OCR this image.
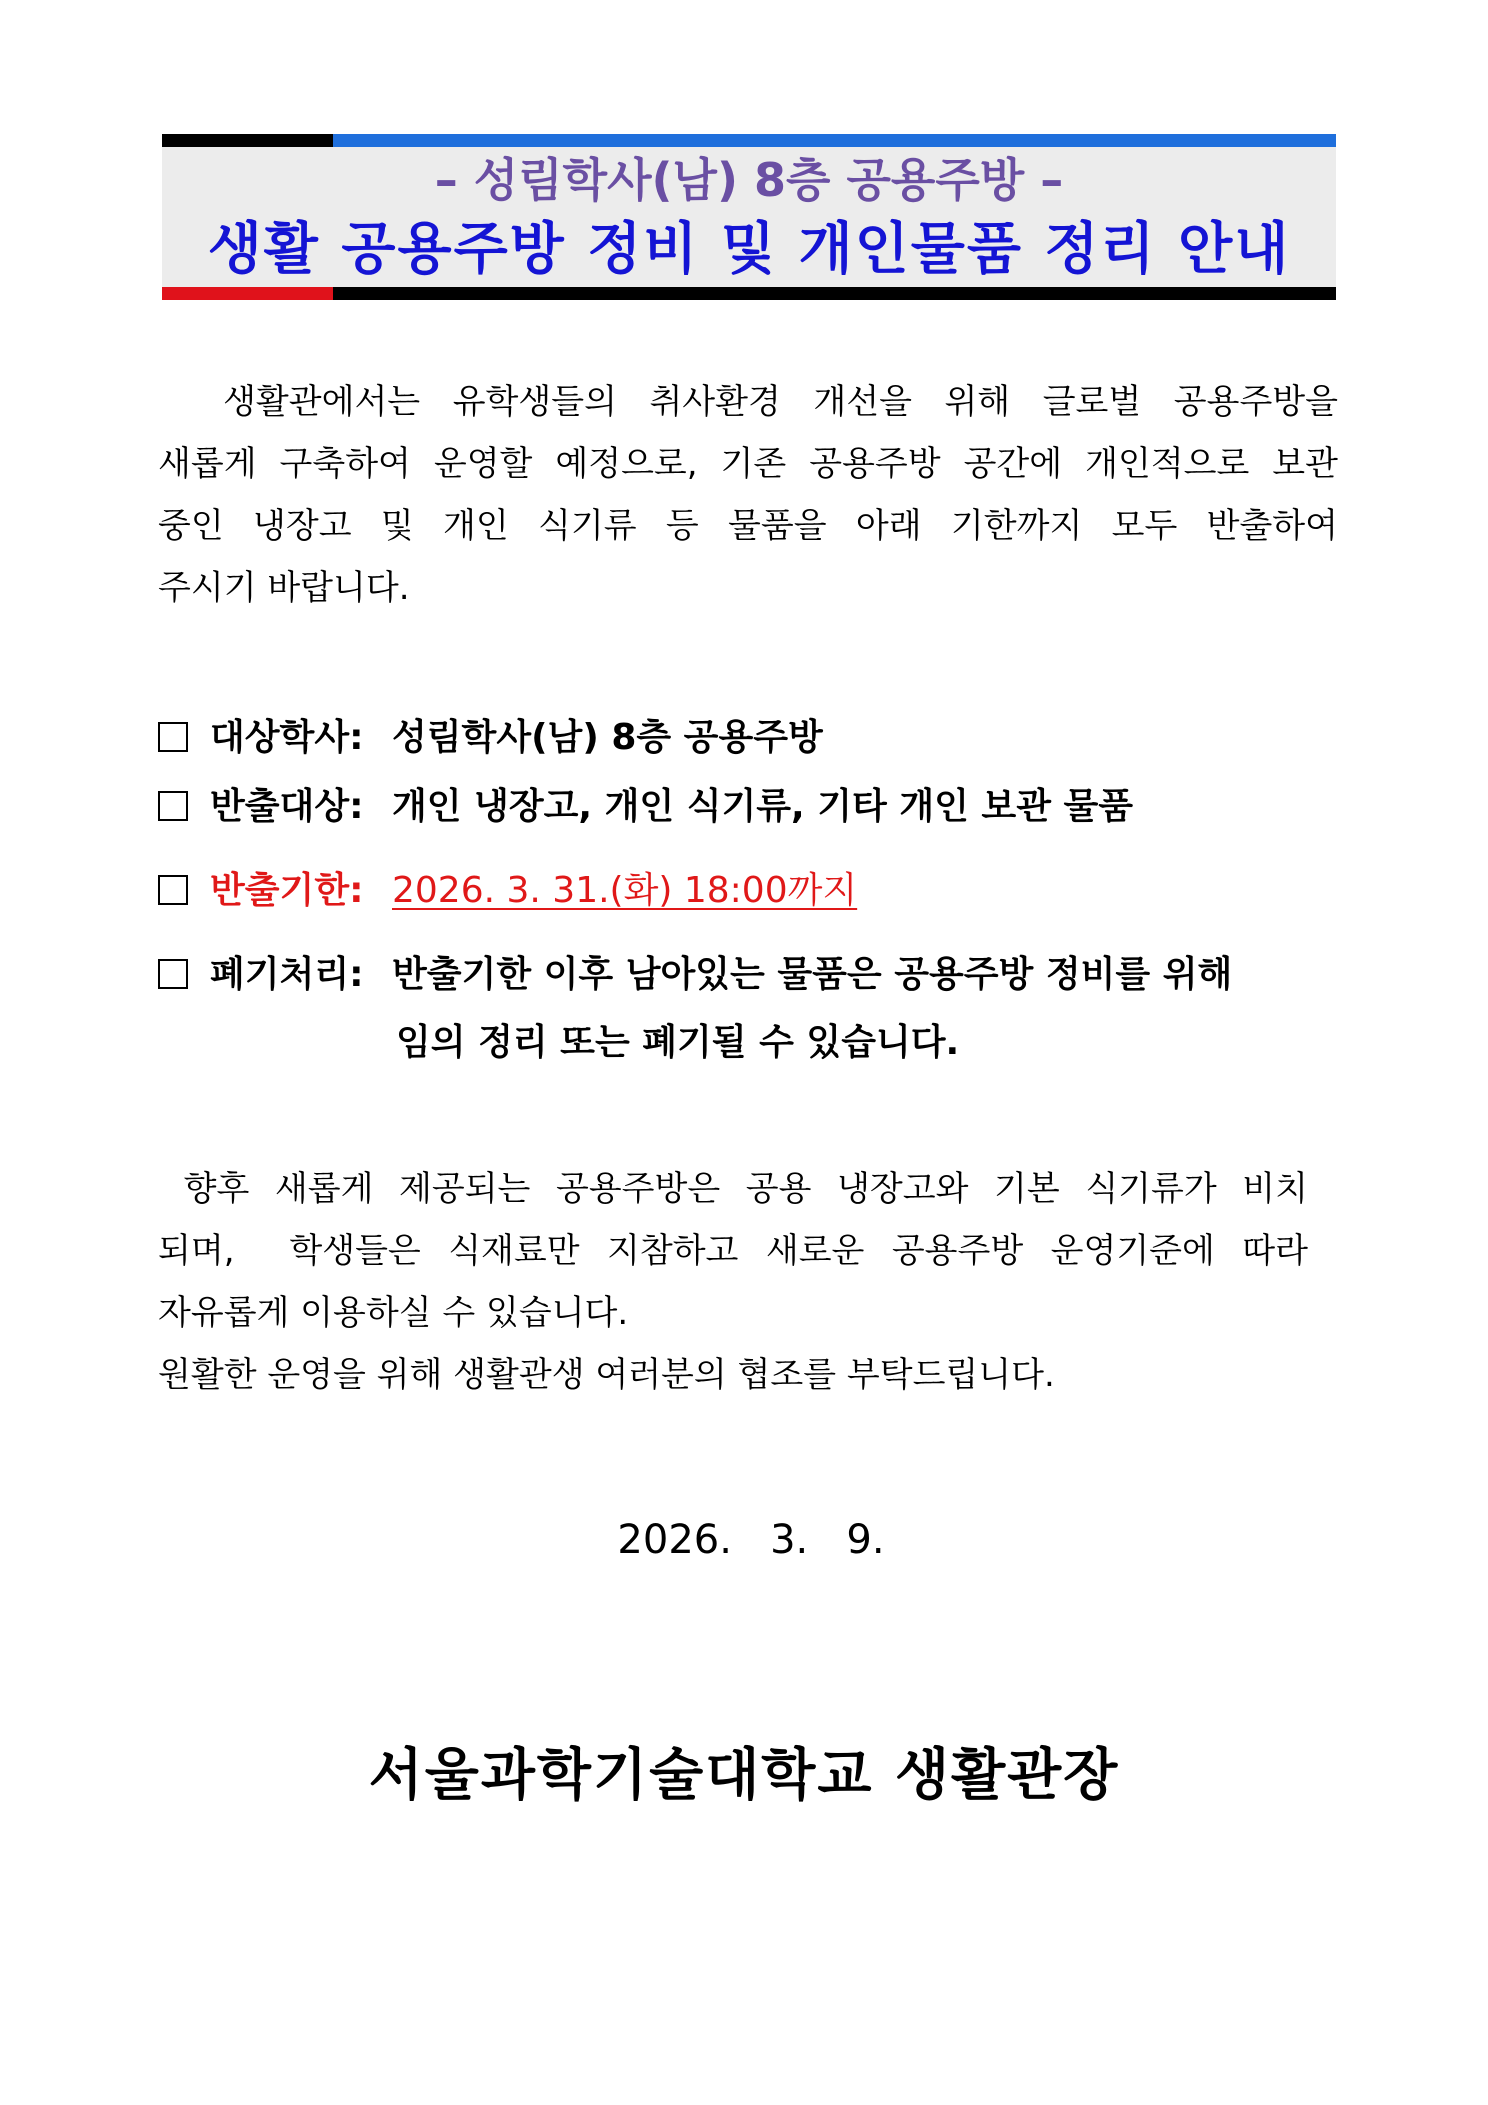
– 성림학사(남) 8층 공용주방 –
생활 공용주방 정비 및 개인물품 정리 안내
생활관에서는 유학생들의 취사환경 개선을 위해 글로벌 공용주방을
새롭게 구축하여 운영할 예정으로, 기존 공용주방 공간에 개인적으로 보관
중인 냉장고 및 개인 식기류 등 물품을 아래 기한까지 모두 반출하여
주시기 바랍니다.
대상학사: 성림학사(남) 8층 공용주방
반출대상: 개인 냉장고, 개인 식기류, 기타 개인 보관 물품
반출기한: 2026. 3. 31.(화) 18:00까지
폐기처리: 반출기한 이후 남아있는 물품은 공용주방 정비를 위해
임의 정리 또는 폐기될 수 있습니다.
향후 새롭게 제공되는 공용주방은 공용 냉장고와 기본 식기류가 비치
되며,  학생들은 식재료만 지참하고 새로운 공용주방 운영기준에 따라
자유롭게 이용하실 수 있습니다.
원활한 운영을 위해 생활관생 여러분의 협조를 부탁드립니다.
2026.   3.   9.
서울과학기술대학교 생활관장
